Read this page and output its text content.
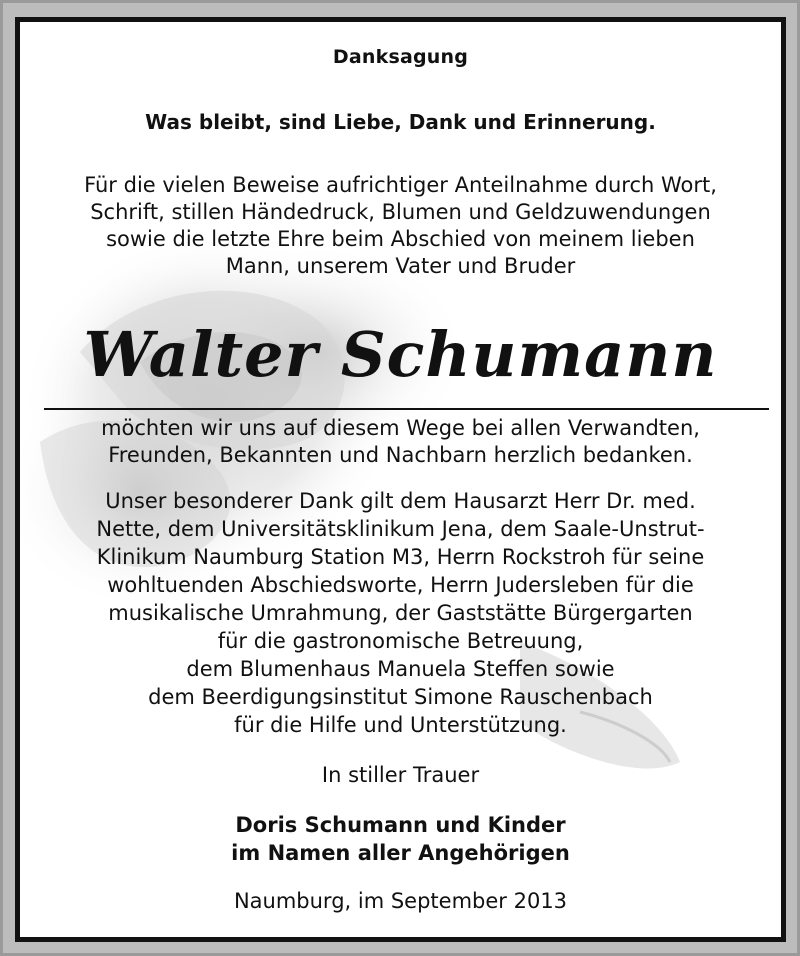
Danksagung
Was bleibt, sind Liebe, Dank und Erinnerung.
Für die vielen Beweise aufrichtiger Anteilnahme durch Wort,
Schrift, stillen Händedruck, Blumen und Geldzuwendungen
sowie die letzte Ehre beim Abschied von meinem lieben
Mann, unserem Vater und Bruder
Walter Schumann
möchten wir uns auf diesem Wege bei allen Verwandten,
Freunden, Bekannten und Nachbarn herzlich bedanken.
Unser besonderer Dank gilt dem Hausarzt Herr Dr. med.
Nette, dem Universitätsklinikum Jena, dem Saale-Unstrut-
Klinikum Naumburg Station M3, Herrn Rockstroh für seine
wohltuenden Abschiedsworte, Herrn Judersleben für die
musikalische Umrahmung, der Gaststätte Bürgergarten
für die gastronomische Betreuung,
dem Blumenhaus Manuela Steffen sowie
dem Beerdigungsinstitut Simone Rauschenbach
für die Hilfe und Unterstützung.
In stiller Trauer
Doris Schumann und Kinder
im Namen aller Angehörigen
Naumburg, im September 2013
